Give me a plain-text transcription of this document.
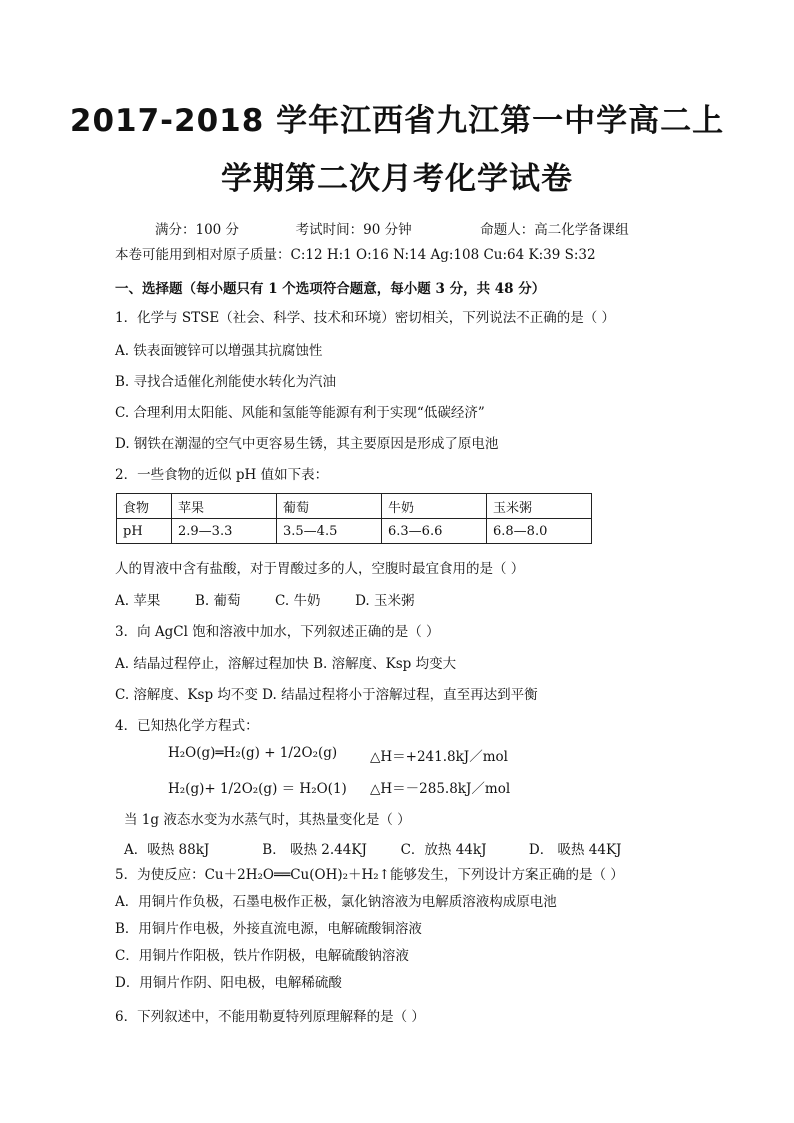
2017-2018 学年江西省九江第一中学高二上
学期第二次月考化学试卷
满分：100 分	考试时间：90 分钟	命题人：高二化学备课组
本卷可能用到相对原子质量：C:12 H:1 O:16 N:14 Ag:108 Cu:64 K:39 S:32
一、选择题（每小题只有 1 个选项符合题意，每小题 3 分，共 48 分）
1．化学与 STSE（社会、科学、技术和环境）密切相关，下列说法不正确的是（ ）
A. 铁表面镀锌可以增强其抗腐蚀性
B. 寻找合适催化剂能使水转化为汽油
C. 合理利用太阳能、风能和氢能等能源有利于实现“低碳经济”
D. 钢铁在潮湿的空气中更容易生锈，其主要原因是形成了原电池
2．一些食物的近似 pH 值如下表：
食物	苹果	葡萄	牛奶	玉米粥
pH	2.9—3.3	3.5—4.5	6.3—6.6	6.8—8.0
人的胃液中含有盐酸，对于胃酸过多的人，空腹时最宜食用的是（ ）
A. 苹果	B. 葡萄	C. 牛奶	D. 玉米粥
3．向 AgCl 饱和溶液中加水，下列叙述正确的是（ ）
A. 结晶过程停止，溶解过程加快 B. 溶解度、Ksp 均变大
C. 溶解度、Ksp 均不变 D. 结晶过程将小于溶解过程，直至再达到平衡
4．已知热化学方程式：
H₂O(g)═H₂(g) + 1/2O₂(g) △H＝+241.8kJ／mol
H₂(g)+ 1/2O₂(g) ＝ H₂O(1) △H＝－285.8kJ／mol
当 1g 液态水变为水蒸气时，其热量变化是（ ）
A．吸热 88kJ	B． 吸热 2.44KJ C．放热 44kJ	D． 吸热 44KJ
5．为使反应：Cu＋2H₂O══Cu(OH)₂＋H₂↑能够发生，下列设计方案正确的是（ ）
A．用铜片作负极，石墨电极作正极，氯化钠溶液为电解质溶液构成原电池
B．用铜片作电极，外接直流电源，电解硫酸铜溶液
C．用铜片作阳极，铁片作阴极，电解硫酸钠溶液
D．用铜片作阴、阳电极，电解稀硫酸
6．下列叙述中，不能用勒夏特列原理解释的是（ ）
